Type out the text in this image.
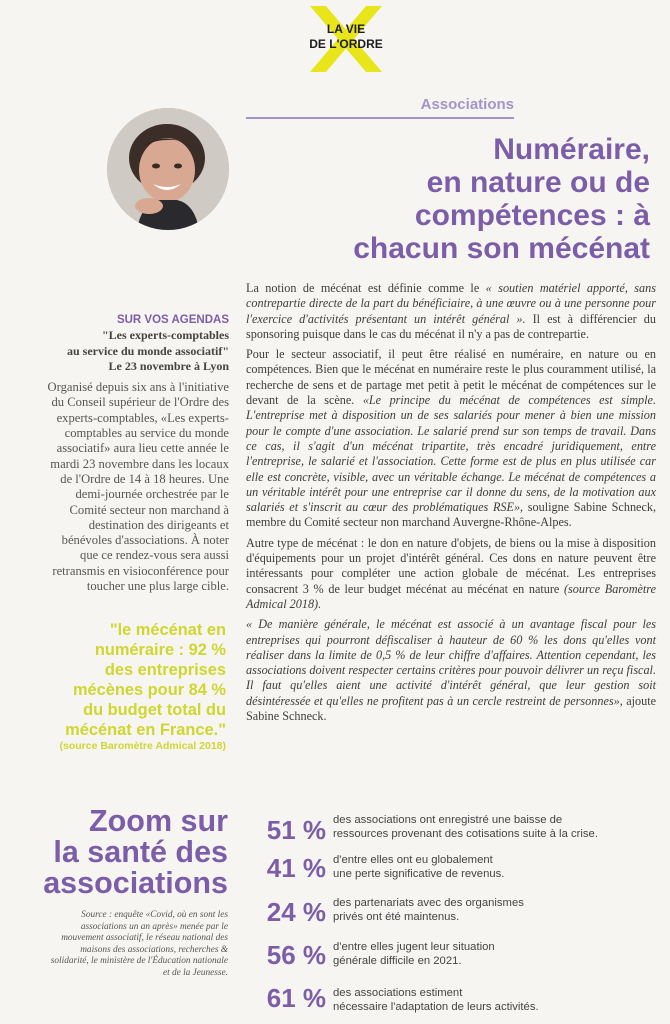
LA VIE
DE L'ORDRE
SUR VOS AGENDAS
"Les experts-comptables
au service du monde associatif"
Le 23 novembre à Lyon
Organisé depuis six ans à l'initiative du Conseil supérieur de l'Ordre des experts-comptables, «Les experts-comptables au service du monde associatif» aura lieu cette année le mardi 23 novembre dans les locaux de l'Ordre de 14 à 18 heures. Une demi-journée orchestrée par le Comité secteur non marchand à destination des dirigeants et bénévoles d'associations. À noter que ce rendez-vous sera aussi retransmis en visioconférence pour toucher une plus large cible.
"le mécénat en
numéraire : 92 %
des entreprises
mécènes pour 84 %
du budget total du
mécénat en France."
(source Baromètre Admical 2018)
Zoom sur
la santé des
associations
Source : enquête «Covid, où en sont les associations un an après» menée par le mouvement associatif, le réseau national des maisons des associations, recherches & solidarité, le ministère de l'Éducation nationale et de la Jeunesse.
Associations
Numéraire,
en nature ou de
compétences : à
chacun son mécénat

La notion de mécénat est définie comme le « soutien matériel apporté, sans contrepartie directe de la part du bénéficiaire, à une œuvre ou à une personne pour l'exercice d'activités présentant un intérêt général ». Il est à différencier du sponsoring puisque dans le cas du mécénat il n'y a pas de contrepartie.

Pour le secteur associatif, il peut être réalisé en numéraire, en nature ou en compétences. Bien que le mécénat en numéraire reste le plus couramment utilisé, la recherche de sens et de partage met petit à petit le mécénat de compétences sur le devant de la scène. «Le principe du mécénat de compétences est simple. L'entreprise met à disposition un de ses salariés pour mener à bien une mission pour le compte d'une association. Le salarié prend sur son temps de travail. Dans ce cas, il s'agit d'un mécénat tripartite, très encadré juridiquement, entre l'entreprise, le salarié et l'association. Cette forme est de plus en plus utilisée car elle est concrète, visible, avec un véritable échange. Le mécénat de compétences a un véritable intérêt pour une entreprise car il donne du sens, de la motivation aux salariés et s'inscrit au cœur des problématiques RSE», souligne Sabine Schneck, membre du Comité secteur non marchand Auvergne-Rhône-Alpes.

Autre type de mécénat : le don en nature d'objets, de biens ou la mise à disposition d'équipements pour un projet d'intérêt général. Ces dons en nature peuvent être intéressants pour compléter une action globale de mécénat. Les entreprises consacrent 3 % de leur budget mécénat au mécénat en nature (source Baromètre Admical 2018).

« De manière générale, le mécénat est associé à un avantage fiscal pour les entreprises qui pourront défiscaliser à hauteur de 60 % les dons qu'elles vont réaliser dans la limite de 0,5 % de leur chiffre d'affaires. Attention cependant, les associations doivent respecter certains critères pour pouvoir délivrer un reçu fiscal. Il faut qu'elles aient une activité d'intérêt général, que leur gestion soit désintéressée et qu'elles ne profitent pas à un cercle restreint de personnes», ajoute Sabine Schneck.

51 % des associations ont enregistré une baisse de
ressources provenant des cotisations suite à la crise.
41 % d'entre elles ont eu globalement
une perte significative de revenus.
24 % des partenariats avec des organismes
privés ont été maintenus.
56 % d'entre elles jugent leur situation
générale difficile en 2021.
61 % des associations estiment
nécessaire l'adaptation de leurs activités.
